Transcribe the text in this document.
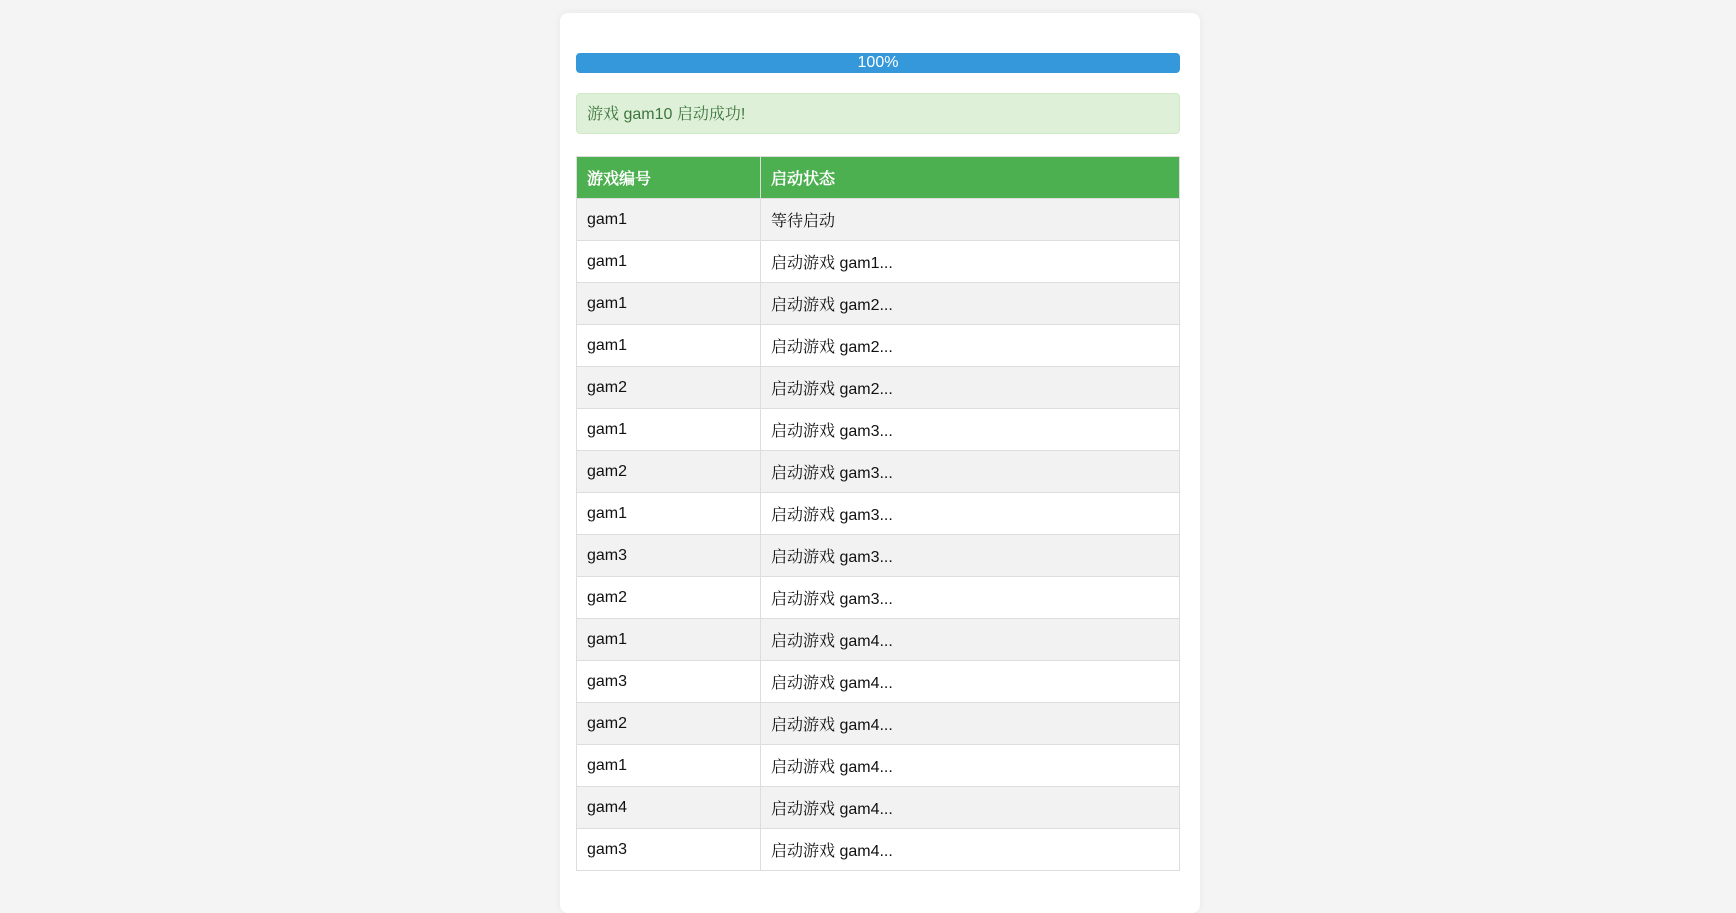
100%
游戏 gam10 启动成功!
游戏编号	启动状态
gam1	等待启动
gam1	启动游戏 gam1...
gam1	启动游戏 gam2...
gam1	启动游戏 gam2...
gam2	启动游戏 gam2...
gam1	启动游戏 gam3...
gam2	启动游戏 gam3...
gam1	启动游戏 gam3...
gam3	启动游戏 gam3...
gam2	启动游戏 gam3...
gam1	启动游戏 gam4...
gam3	启动游戏 gam4...
gam2	启动游戏 gam4...
gam1	启动游戏 gam4...
gam4	启动游戏 gam4...
gam3	启动游戏 gam4...
